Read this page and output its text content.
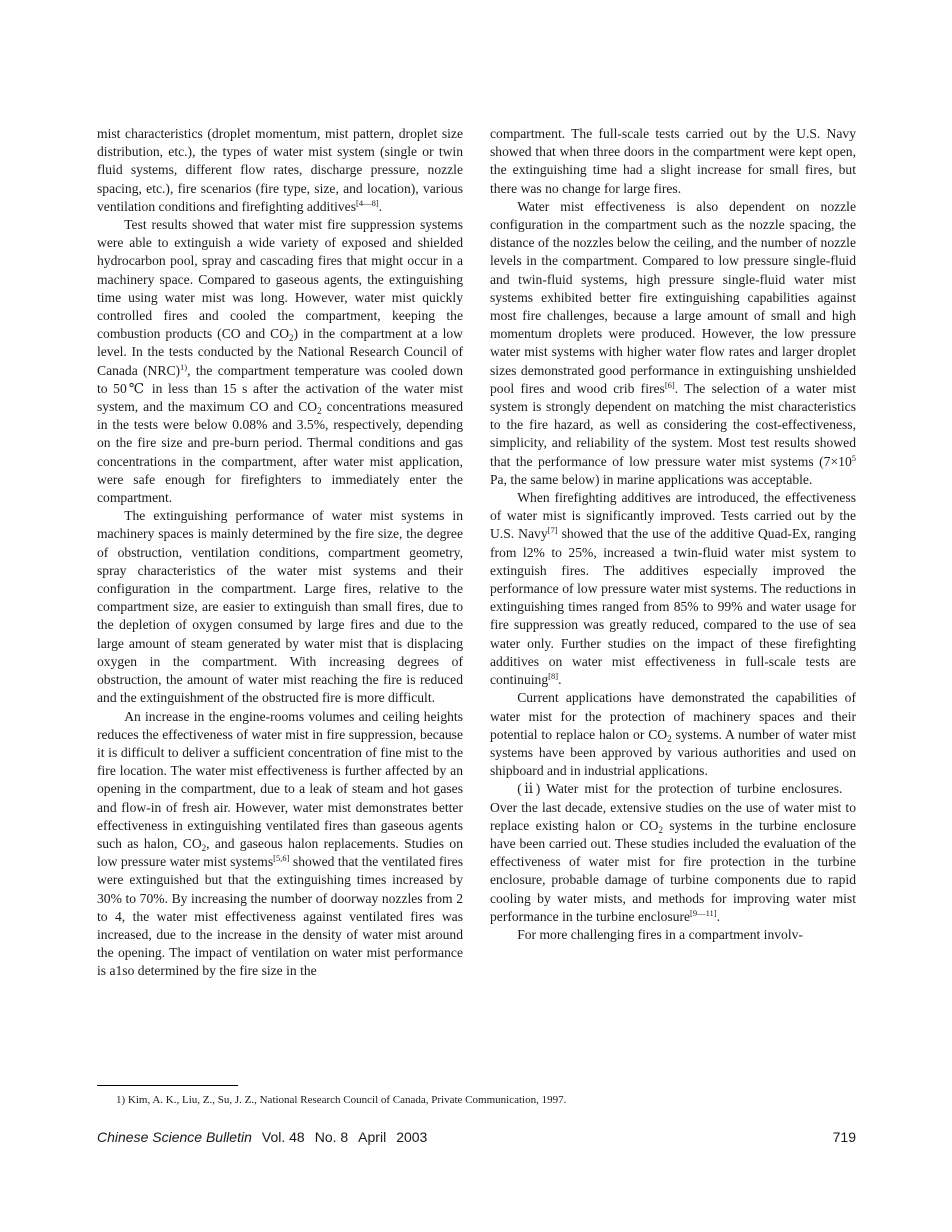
mist characteristics (droplet momentum, mist pattern, droplet size distribution, etc.), the types of water mist system (single or twin fluid systems, different flow rates, discharge pressure, nozzle spacing, etc.), fire scenarios (fire type, size, and location), various ventilation conditions and firefighting additives[4—8].

Test results showed that water mist fire suppression systems were able to extinguish a wide variety of exposed and shielded hydrocarbon pool, spray and cascading fires that might occur in a machinery space. Compared to gaseous agents, the extinguishing time using water mist was long. However, water mist quickly controlled fires and cooled the compartment, keeping the combustion products (CO and $CO_2$) in the compartment at a low level. In the tests conducted by the National Research Council of Canada (NRC)$^{1)}$, the compartment temperature was cooled down to 50℃ in less than 15 s after the activation of the water mist system, and the maximum CO and $CO_2$ concentrations measured in the tests were below 0.08% and 3.5%, respectively, depending on the fire size and pre-burn period. Thermal conditions and gas concentrations in the compartment, after water mist application, were safe enough for firefighters to immediately enter the compartment.

The extinguishing performance of water mist systems in machinery spaces is mainly determined by the fire size, the degree of obstruction, ventilation conditions, compartment geometry, spray characteristics of the water mist systems and their configuration in the compartment. Large fires, relative to the compartment size, are easier to extinguish than small fires, due to the depletion of oxygen consumed by large fires and due to the large amount of steam generated by water mist that is displacing oxygen in the compartment. With increasing degrees of obstruction, the amount of water mist reaching the fire is reduced and the extinguishment of the obstructed fire is more difficult.

An increase in the engine-rooms volumes and ceiling heights reduces the effectiveness of water mist in fire suppression, because it is difficult to deliver a sufficient concentration of fine mist to the fire location. The water mist effectiveness is further affected by an opening in the compartment, due to a leak of steam and hot gases and flow-in of fresh air. However, water mist demonstrates better effectiveness in extinguishing ventilated fires than gaseous agents such as halon, $CO_2$, and gaseous halon replacements. Studies on low pressure water mist systems[5,6] showed that the ventilated fires were extinguished but that the extinguishing times increased by 30% to 70%. By increasing the number of doorway nozzles from 2 to 4, the water mist effectiveness against ventilated fires was increased, due to the increase in the density of water mist around the opening. The impact of ventilation on water mist performance is a1so determined by the fire size in the

compartment. The full-scale tests carried out by the U.S. Navy showed that when three doors in the compartment were kept open, the extinguishing time had a slight increase for small fires, but there was no change for large fires.

Water mist effectiveness is also dependent on nozzle configuration in the compartment such as the nozzle spacing, the distance of the nozzles below the ceiling, and the number of nozzle levels in the compartment. Compared to low pressure single-fluid and twin-fluid systems, high pressure single-fluid water mist systems exhibited better fire extinguishing capabilities against most fire challenges, because a large amount of small and high momentum droplets were produced. However, the low pressure water mist systems with higher water flow rates and larger droplet sizes demonstrated good performance in extinguishing unshielded pool fires and wood crib fires[6]. The selection of a water mist system is strongly dependent on matching the mist characteristics to the fire hazard, as well as considering the cost-effectiveness, simplicity, and reliability of the system. Most test results showed that the performance of low pressure water mist systems ($7\times 10^5$ Pa, the same below) in marine applications was acceptable.

When firefighting additives are introduced, the effectiveness of water mist is significantly improved. Tests carried out by the U.S. Navy[7] showed that the use of the additive Quad-Ex, ranging from l2% to 25%, increased a twin-fluid water mist system to extinguish fires. The additives especially improved the performance of low pressure water mist systems. The reductions in extinguishing times ranged from 85% to 99% and water usage for fire suppression was greatly reduced, compared to the use of sea water only. Further studies on the impact of these firefighting additives on water mist effectiveness in full-scale tests are continuing[8].

Current applications have demonstrated the capabilities of water mist for the protection of machinery spaces and their potential to replace halon or $CO_2$ systems. A number of water mist systems have been approved by various authorities and used on shipboard and in industrial applications.

(ⅱ) Water mist for the protection of turbine enclosures. Over the last decade, extensive studies on the use of water mist to replace existing halon or $CO_2$ systems in the turbine enclosure have been carried out. These studies included the evaluation of the effectiveness of water mist for fire protection in the turbine enclosure, probable damage of turbine components due to rapid cooling by water mists, and methods for improving water mist performance in the turbine enclosure[9—11].

For more challenging fires in a compartment involv-

1) Kim, A. K., Liu, Z., Su, J. Z., National Research Council of Canada, Private Communication, 1997.
Chinese Science Bulletin Vol. 48 No. 8 April 2003	719
